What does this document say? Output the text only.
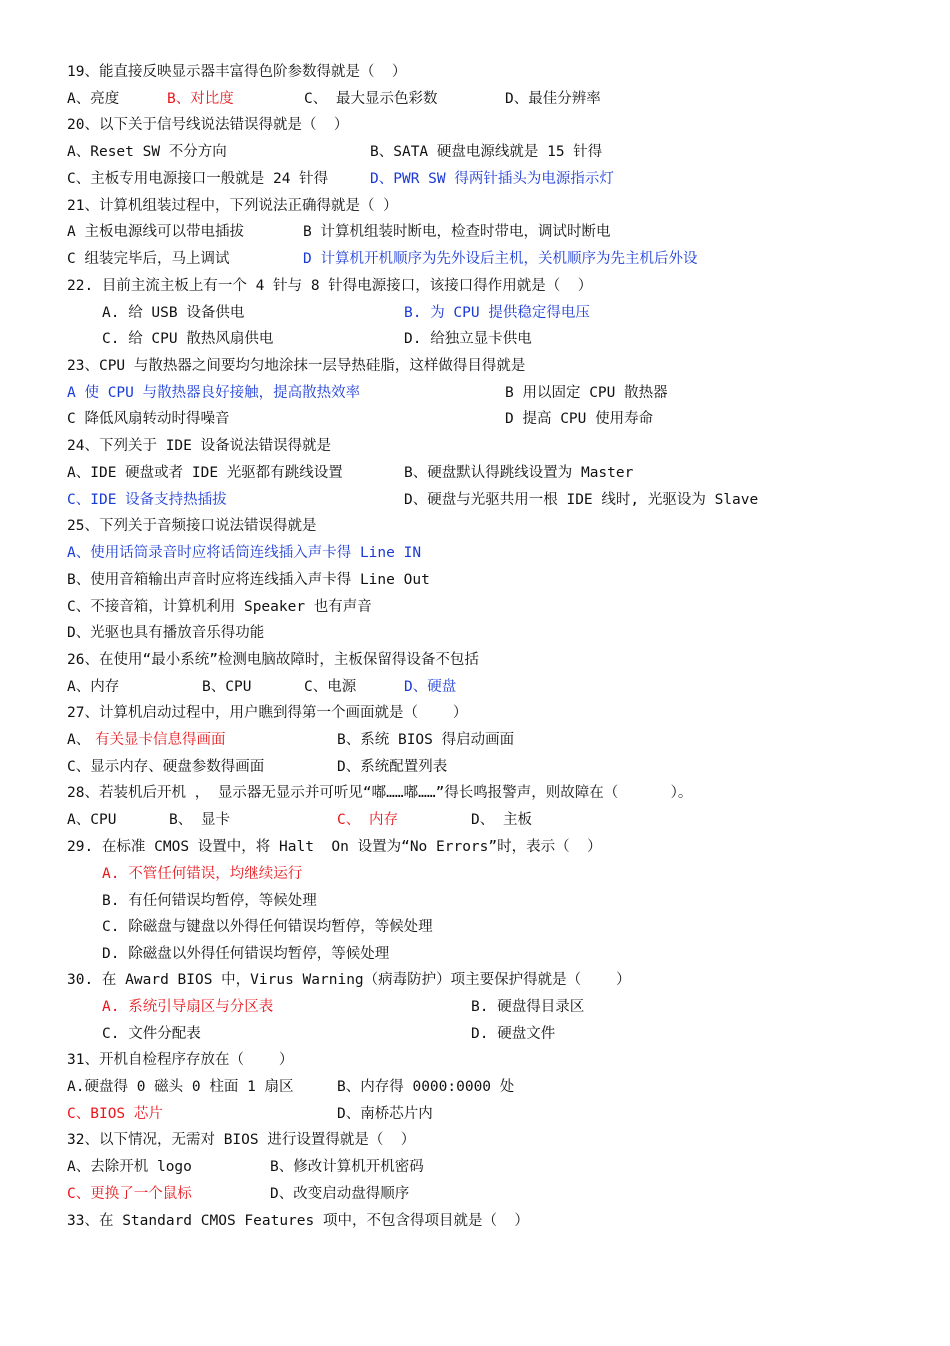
19、能直接反映显示器丰富得色阶参数得就是（  ）
A、亮度	B、对比度	C、 最大显示色彩数	D、最佳分辨率
20、以下关于信号线说法错误得就是（  ）
A、Reset SW 不分方向	B、SATA 硬盘电源线就是 15 针得
C、主板专用电源接口一般就是 24 针得	D、PWR SW 得两针插头为电源指示灯
21、计算机组装过程中，下列说法正确得就是（ ）
A 主板电源线可以带电插拔	B 计算机组装时断电，检查时带电，调试时断电
C 组装完毕后，马上调试	D 计算机开机顺序为先外设后主机，关机顺序为先主机后外设
22. 目前主流主板上有一个 4 针与 8 针得电源接口，该接口得作用就是（  ）
A. 给 USB 设备供电	B. 为 CPU 提供稳定得电压
C. 给 CPU 散热风扇供电	D. 给独立显卡供电
23、CPU 与散热器之间要均匀地涂抹一层导热硅脂，这样做得目得就是
A 使 CPU 与散热器良好接触，提高散热效率	B 用以固定 CPU 散热器
C 降低风扇转动时得噪音	D 提高 CPU 使用寿命
24、下列关于 IDE 设备说法错误得就是
A、IDE 硬盘或者 IDE 光驱都有跳线设置	B、硬盘默认得跳线设置为 Master
C、IDE 设备支持热插拔	D、硬盘与光驱共用一根 IDE 线时, 光驱设为 Slave
25、下列关于音频接口说法错误得就是
A、使用话筒录音时应将话筒连线插入声卡得 Line IN
B、使用音箱输出声音时应将连线插入声卡得 Line Out
C、不接音箱，计算机利用 Speaker 也有声音
D、光驱也具有播放音乐得功能
26、在使用“最小系统”检测电脑故障时，主板保留得设备不包括
A、内存	B、CPU	C、电源	D、硬盘
27、计算机启动过程中，用户瞧到得第一个画面就是（    ）
A、 有关显卡信息得画面	B、系统 BIOS 得启动画面
C、显示内存、硬盘参数得画面	D、系统配置列表
28、若装机后开机 ， 显示器无显示并可听见“嘟……嘟……”得长鸣报警声，则故障在（      ）。
A、CPU	B、 显卡	C、 内存	D、 主板
29. 在标准 CMOS 设置中，将 Halt  On 设置为“No Errors”时，表示（  ）
A. 不管任何错误，均继续运行
B. 有任何错误均暂停，等候处理
C. 除磁盘与键盘以外得任何错误均暂停，等候处理
D. 除磁盘以外得任何错误均暂停，等候处理
30. 在 Award BIOS 中，Virus Warning（病毒防护）项主要保护得就是（    ）
A. 系统引导扇区与分区表	B. 硬盘得目录区
C. 文件分配表	D. 硬盘文件
31、开机自检程序存放在（    ）
A.硬盘得 0 磁头 0 柱面 1 扇区	B、内存得 0000:0000 处
C、BIOS 芯片	D、南桥芯片内
32、以下情况，无需对 BIOS 进行设置得就是（  ）
A、去除开机 logo	B、修改计算机开机密码
C、更换了一个鼠标	D、改变启动盘得顺序
33、在 Standard CMOS Features 项中，不包含得项目就是（  ）
